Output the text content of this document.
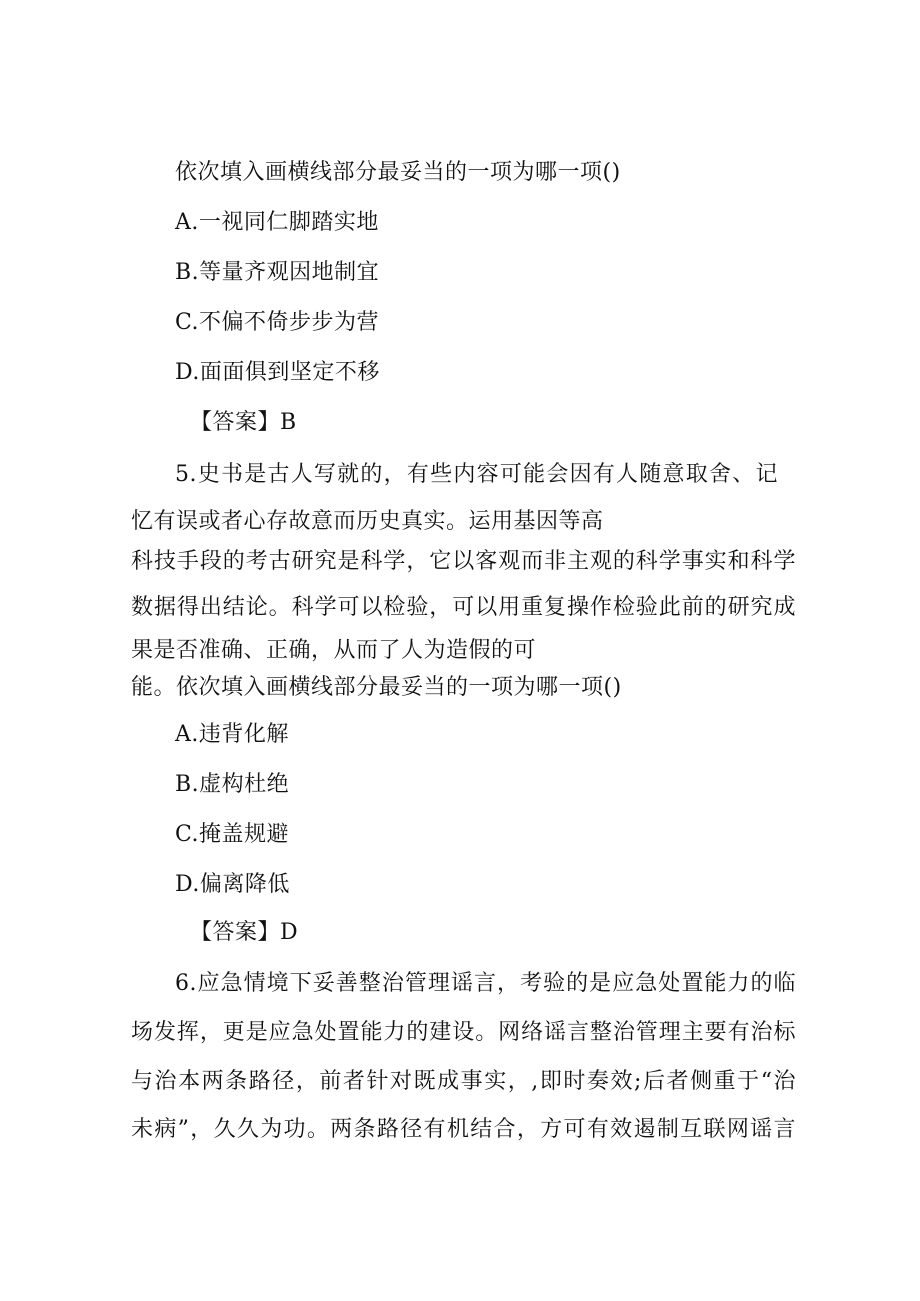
依次填入画横线部分最妥当的一项为哪一项()
A.一视同仁脚踏实地
B.等量齐观因地制宜
C.不偏不倚步步为营
D.面面俱到坚定不移
【答案】B
5.史书是古人写就的，有些内容可能会因有人随意取舍、记
忆有误或者心存故意而历史真实。运用基因等高
科技手段的考古研究是科学，它以客观而非主观的科学事实和科学
数据得出结论。科学可以检验，可以用重复操作检验此前的研究成
果是否准确、正确，从而了人为造假的可
能。依次填入画横线部分最妥当的一项为哪一项()
A.违背化解
B.虚构杜绝
C.掩盖规避
D.偏离降低
【答案】D
6.应急情境下妥善整治管理谣言，考验的是应急处置能力的临
场发挥，更是应急处置能力的建设。网络谣言整治管理主要有治标
与治本两条路径，前者针对既成事实，,即时奏效;后者侧重于“治
未病”，久久为功。两条路径有机结合，方可有效遏制互联网谣言
